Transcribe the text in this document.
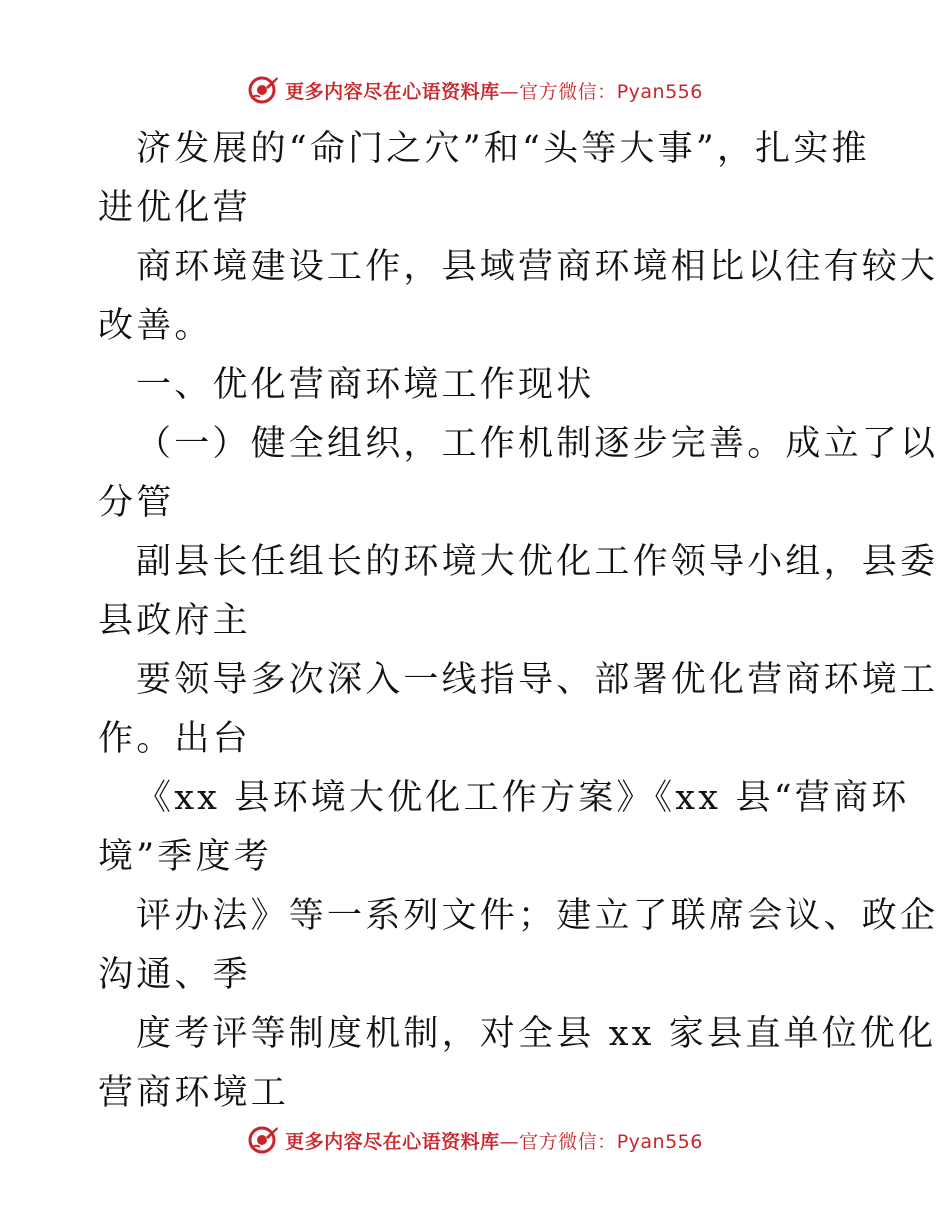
更多内容尽在心语资料库—官方微信：Pyan556
济发展的“命门之穴”和“头等大事”，扎实推
进优化营
商环境建设工作，县域营商环境相比以往有较大
改善。
一、优化营商环境工作现状
（一）健全组织，工作机制逐步完善。成立了以
分管
副县长任组长的环境大优化工作领导小组，县委
县政府主
要领导多次深入一线指导、部署优化营商环境工
作。出台
《xx 县环境大优化工作方案》《xx 县“营商环
境”季度考
评办法》等一系列文件；建立了联席会议、政企
沟通、季
度考评等制度机制，对全县 xx 家县直单位优化
营商环境工
更多内容尽在心语资料库—官方微信：Pyan556
